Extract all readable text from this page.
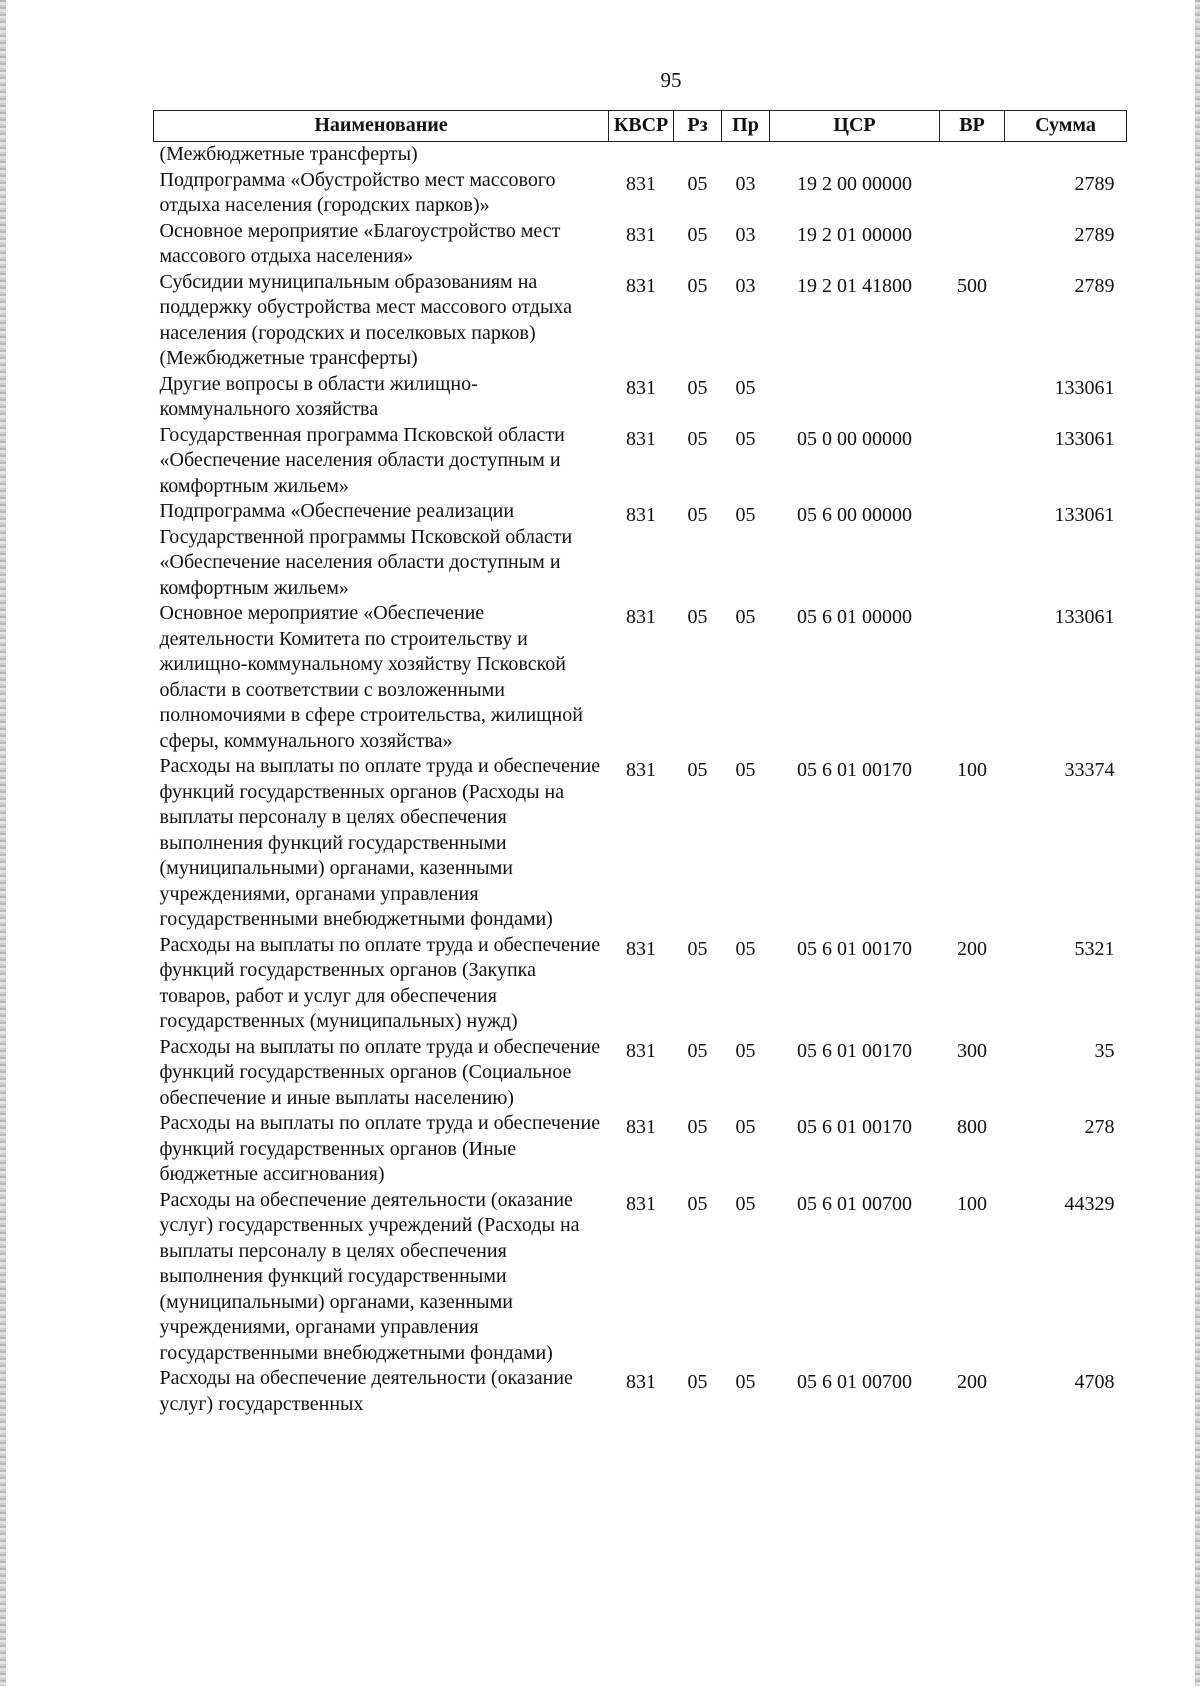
95
Наименование	КВСР	Рз	Пр	ЦСР	ВР	Сумма
(Межбюджетные трансферты)						
Подпрограмма «Обустройство мест массового отдыха населения (городских парков)»	831	05	03	19 2 00 00000		2789
Основное мероприятие «Благоустройство мест массового отдыха населения»	831	05	03	19 2 01 00000		2789
Субсидии муниципальным образованиям на поддержку обустройства мест массового отдыха населения (городских и поселковых парков) (Межбюджетные трансферты)	831	05	03	19 2 01 41800	500	2789
Другие вопросы в области жилищно-коммунального хозяйства	831	05	05			133061
Государственная программа Псковской области «Обеспечение населения области доступным и комфортным жильем»	831	05	05	05 0 00 00000		133061
Подпрограмма «Обеспечение реализации Государственной программы Псковской области «Обеспечение населения области доступным и комфортным жильем»	831	05	05	05 6 00 00000		133061
Основное мероприятие «Обеспечение деятельности Комитета по строительству и жилищно-коммунальному хозяйству Псковской области в соответствии с возложенными полномочиями в сфере строительства, жилищной сферы, коммунального хозяйства»	831	05	05	05 6 01 00000		133061
Расходы на выплаты по оплате труда и обеспечение функций государственных органов (Расходы на выплаты персоналу в целях обеспечения выполнения функций государственными (муниципальными) органами, казенными учреждениями, органами управления государственными внебюджетными фондами)	831	05	05	05 6 01 00170	100	33374
Расходы на выплаты по оплате труда и обеспечение функций государственных органов (Закупка товаров, работ и услуг для обеспечения государственных (муниципальных) нужд)	831	05	05	05 6 01 00170	200	5321
Расходы на выплаты по оплате труда и обеспечение функций государственных органов (Социальное обеспечение и иные выплаты населению)	831	05	05	05 6 01 00170	300	35
Расходы на выплаты по оплате труда и обеспечение функций государственных органов (Иные бюджетные ассигнования)	831	05	05	05 6 01 00170	800	278
Расходы на обеспечение деятельности (оказание услуг) государственных учреждений (Расходы на выплаты персоналу в целях обеспечения выполнения функций государственными (муниципальными) органами, казенными учреждениями, органами управления государственными внебюджетными фондами)	831	05	05	05 6 01 00700	100	44329
Расходы на обеспечение деятельности (оказание услуг) государственных	831	05	05	05 6 01 00700	200	4708
